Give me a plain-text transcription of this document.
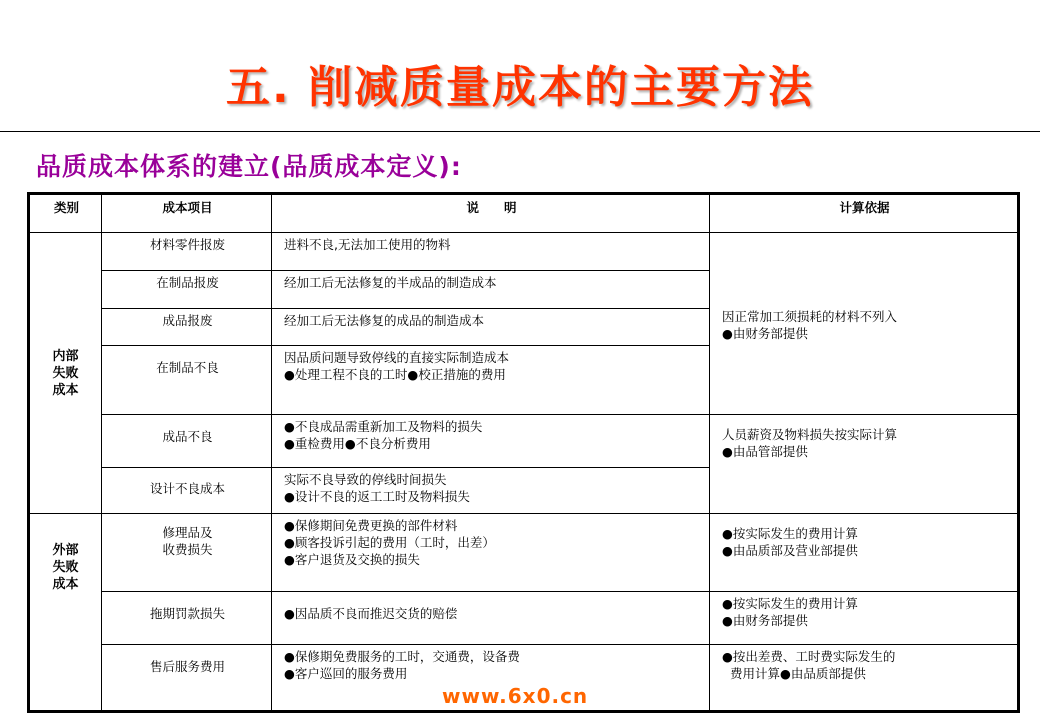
五. 削减质量成本的主要方法
品质成本体系的建立(品质成本定义):
类别	成本项目	说　　明	计算依据

内部
失败
成本	材料零件报废	进料不良,无法加工使用的物料	因正常加工须损耗的材料不列入
●由财务部提供

	在制品报废	经加工后无法修复的半成品的制造成本	

	成品报废	经加工后无法修复的成品的制造成本	

	在制品不良	因品质问题导致停线的直接实际制造成本
●处理工程不良的工时●校正措施的费用	

	成品不良	●不良成品需重新加工及物料的损失
●重检费用●不良分析费用	人员薪资及物料损失按实际计算
●由品管部提供

	设计不良成本	实际不良导致的停线时间损失
●设计不良的返工工时及物料损失	

外部
失败
成本	修理品及
收费损失	●保修期间免费更换的部件材料
●顾客投诉引起的费用（工时，出差）
●客户退货及交换的损失	●按实际发生的费用计算
●由品质部及营业部提供

	拖期罚款损失	●因品质不良而推迟交货的赔偿	●按实际发生的费用计算
●由财务部提供

	售后服务费用	●保修期免费服务的工时，交通费，设备费
●客户巡回的服务费用	●按出差费、工时费实际发生的
费用计算●由品质部提供
www.6x0.cn
